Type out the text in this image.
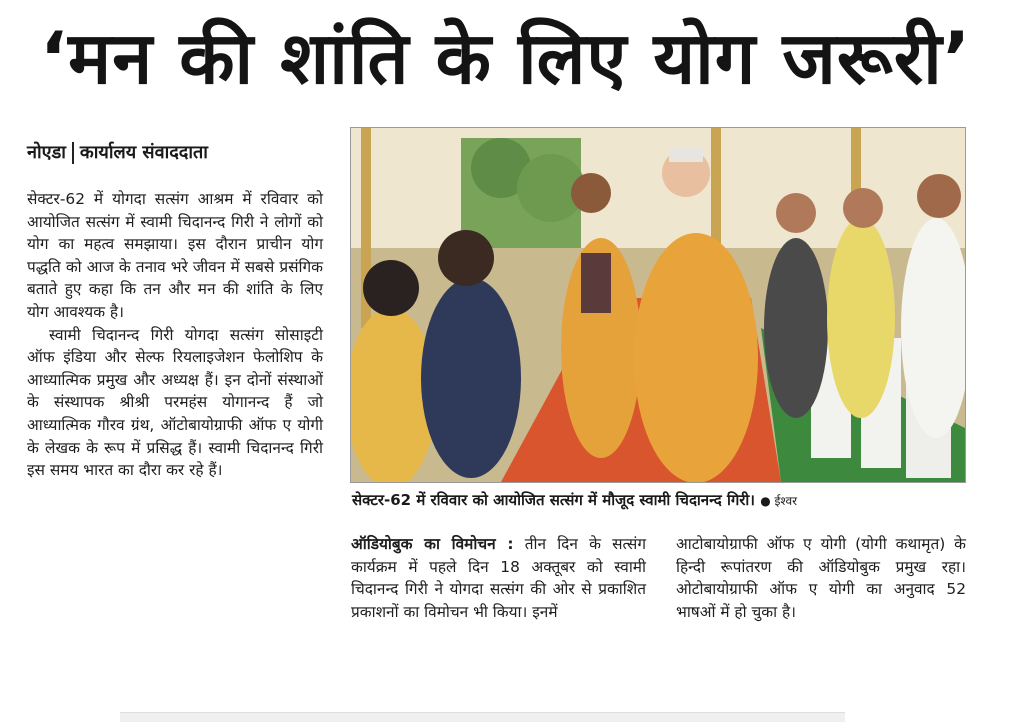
‘मन की शांति के लिए योग जरूरी’
नोएडा कार्यालय संवाददाता

सेक्टर-62 में योगदा सत्संग आश्रम में रविवार को आयोजित सत्संग में स्वामी चिदानन्द गिरी ने लोगों को योग का महत्व समझाया। इस दौरान प्राचीन योग पद्धति को आज के तनाव भरे जीवन में सबसे प्रसंगिक बताते हुए कहा कि तन और मन की शांति के लिए योग आवश्यक है।

स्वामी चिदानन्द गिरी योगदा सत्संग सोसाइटी ऑफ इंडिया और सेल्फ रियलाइजेशन फेलोशिप के आध्यात्मिक प्रमुख और अध्यक्ष हैं। इन दोनों संस्थाओं के संस्थापक श्रीश्री परमहंस योगानन्द हैं जो आध्यात्मिक गौरव ग्रंथ, ऑटोबायोग्राफी ऑफ ए योगी के लेखक के रूप में प्रसिद्ध हैं। स्वामी चिदानन्द गिरी इस समय भारत का दौरा कर रहे हैं।

सेक्टर-62 में रविवार को आयोजित सत्संग में मौजूद स्वामी चिदानन्द गिरी। ● ईश्वर

ऑडियोबुक का विमोचन : तीन दिन के सत्संग कार्यक्रम में पहले दिन 18 अक्तूबर को स्वामी चिदानन्द गिरी ने योगदा सत्संग की ओर से प्रकाशित प्रकाशनों का विमोचन भी किया। इनमें

आटोबायोग्राफी ऑफ ए योगी (योगी कथामृत) के हिन्दी रूपांतरण की ऑडियोबुक प्रमुख रहा। ओटोबायोग्राफी ऑफ ए योगी का अनुवाद 52 भाषओं में हो चुका है।
